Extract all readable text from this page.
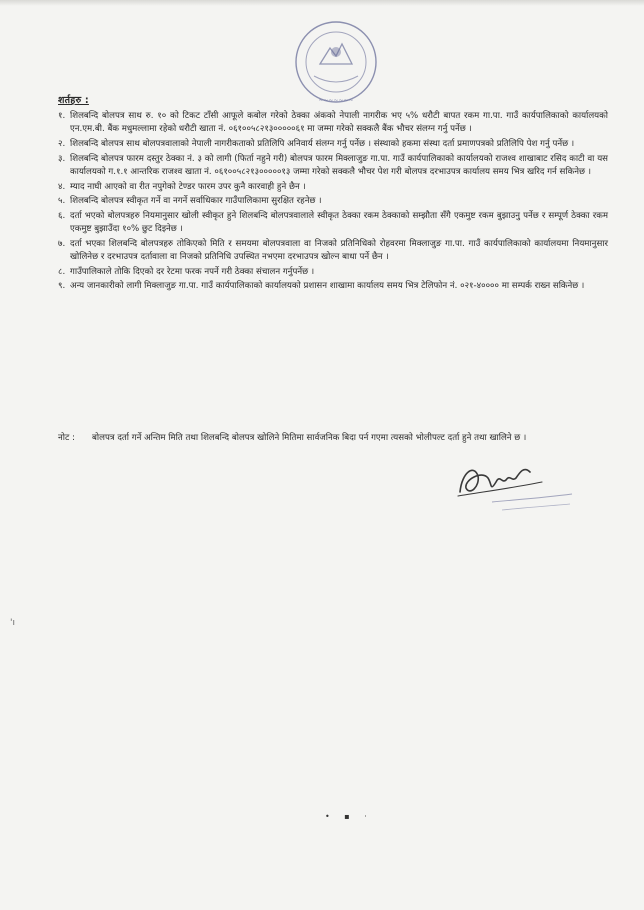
~~~~~~~
शर्तहरु :
१. शिलबन्दि बोलपत्र साथ रु. १० को टिकट टाँसी आफूले कबोल गरेको ठेक्का अंकको नेपाली नागरीक भए ५% धरौटी बापत रकम गा.पा. गाउँ कार्यपालिकाको कार्यालयको एन.एम.बी. बैंक मधुमल्लामा रहेको धरौटी खाता नं. ०६१००५८२१३०००००६१ मा जम्मा गरेको सक्कलै बैंक भौचर संलग्न गर्नु पर्नेछ ।
२. शिलबन्दि बोलपत्र साथ बोलपत्रवालाको नेपाली नागरीकताको प्रतिलिपि अनिवार्य संलग्न गर्नु पर्नेछ । संस्थाको हकमा संस्था दर्ता प्रमाणपत्रको प्रतिलिपि पेश गर्नु पर्नेछ ।
३. शिलबन्दि बोलपत्र फारम दस्तुर ठेक्का नं. ३ को लागी (फिर्ता नहुने गरी) बोलपत्र फारम मिक्लाजुङ गा.पा. गाउँ कार्यपालिकाको कार्यालयको राजश्व शाखाबाट रसिद काटी वा यस कार्यालयको ग.१.१ आन्तरिक राजश्व खाता नं. ०६१००५८२१३०००००१३ जम्मा गरेको सक्कलै भौचर पेश गरी बोलपत्र दरभाउपत्र कार्यालय समय भित्र खरिद गर्न सकिनेछ ।
४. म्याद नाघी आएको वा रीत नपुगेको टेण्डर फारम उपर कुनै कारवाही हुने छैन ।
५. शिलबन्दि बोलपत्र स्वीकृत गर्ने वा नगर्ने सर्वाधिकार गाउँपालिकामा सुरक्षित रहनेछ ।
६. दर्ता भएको बोलपत्रहरु नियमानुसार खोली स्वीकृत हुने शिलबन्दि बोलपत्रवालाले स्वीकृत ठेक्का रकम ठेक्काको सम्झौता सँगै एकमुष्ट रकम बुझाउनु पर्नेछ र सम्पूर्ण ठेक्का रकम एकमुष्ट बुझाउँदा १०% छुट दिइनेछ ।
७. दर्ता भएका शिलबन्दि बोलपत्रहरु तोकिएको मिति र समयमा बोलपत्रवाला वा निजको प्रतिनिधिको रोहवरमा मिक्लाजुङ गा.पा. गाउँ कार्यपालिकाको कार्यालयमा नियमानुसार खोलिनेछ र दरभाउपत्र दर्तावाला वा निजको प्रतिनिधि उपस्थित नभएमा दरभाउपत्र खोल्न बाधा पर्ने छैन ।
८. गाउँपालिकाले तोकि दिएको दर रेटमा फरक नपर्ने गरी ठेक्का संचालन गर्नुपर्नेछ ।
९. अन्य जानकारीको लागी मिक्लाजुङ गा.पा. गाउँ कार्यपालिकाको कार्यालयको प्रशासन शाखामा कार्यालय समय भित्र टेलिफोन नं. ०२१-४०००० मा सम्पर्क राख्न सकिनेछ ।
नोट :	बोलपत्र दर्ता गर्ने अन्तिम मिति तथा शिलबन्दि बोलपत्र खोलिने मितिमा सार्वजनिक बिदा पर्न गएमा त्यसको भोलीपल्ट दर्ता हुने तथा खालिने छ ।
'ı
• ▪ ·
